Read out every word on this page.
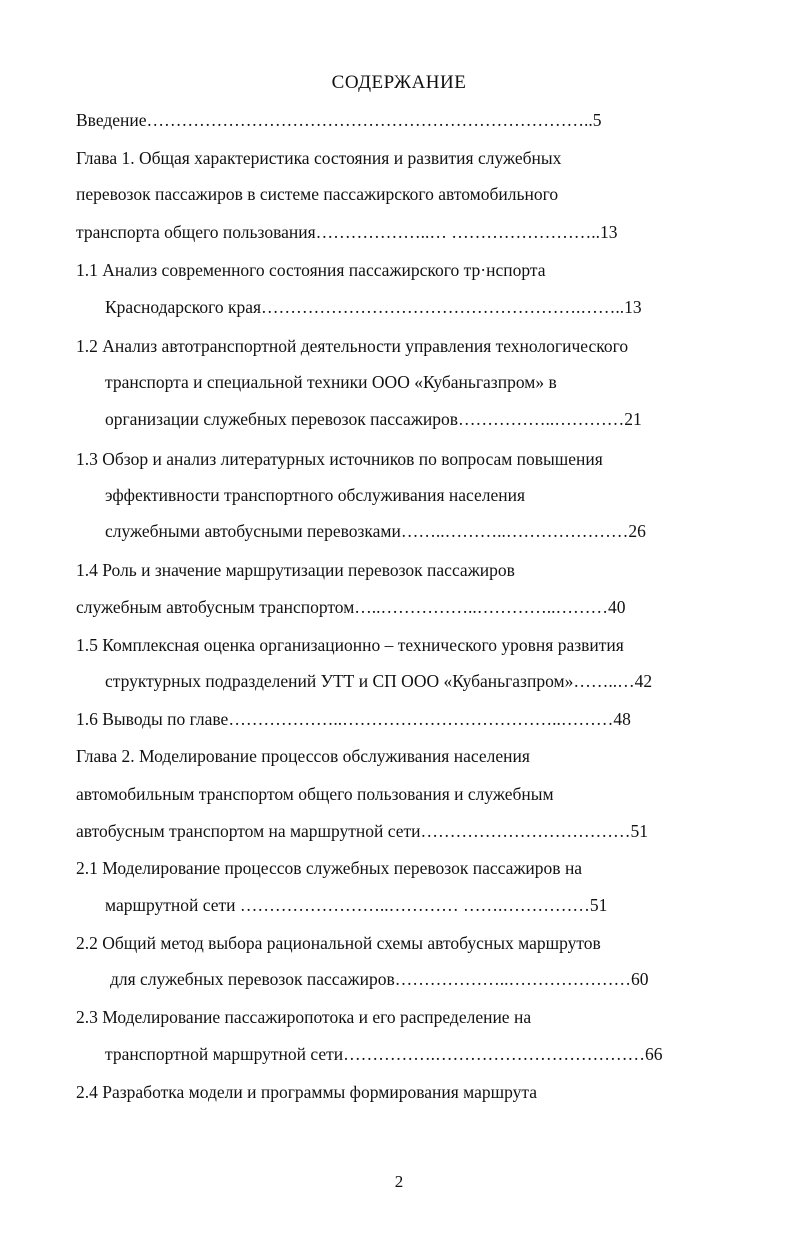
СОДЕРЖАНИЕ
Введение…………………………………………………………………..5
Глава 1. Общая характеристика состояния и развития служебных
перевозок пассажиров в системе пассажирского автомобильного
транспорта общего пользования………………..… ……………………..13
1.1 Анализ современного состояния пассажирского тр·нспорта
Краснодарского края……………………………………………….……..13
1.2 Анализ автотранспортной деятельности управления технологического
транспорта и специальной техники ООО «Кубаньгазпром» в
организации служебных перевозок пассажиров……………..…………21
1.3 Обзор и анализ литературных источников по вопросам повышения
эффективности транспортного обслуживания населения
служебными автобусными перевозками……..………..…………………26
1.4 Роль и значение маршрутизации перевозок пассажиров
служебным автобусным транспортом…..……………..…………..………40
1.5 Комплексная оценка организационно – технического уровня развития
структурных подразделений УТТ и СП ООО «Кубаньгазпром»……..…42
1.6 Выводы по главе………………..………………………………..………48
Глава 2. Моделирование процессов обслуживания населения
автомобильным транспортом общего пользования и служебным
автобусным транспортом на маршрутной сети………………………………51
2.1 Моделирование процессов служебных перевозок пассажиров на
маршрутной сети ……………………..………… …….……………51
2.2 Общий метод выбора рациональной схемы автобусных маршрутов
для служебных перевозок пассажиров………………..…………………60
2.3 Моделирование пассажиропотока и его распределение на
транспортной маршрутной сети…………….………………………………66
2.4 Разработка модели и программы формирования маршрута
2
